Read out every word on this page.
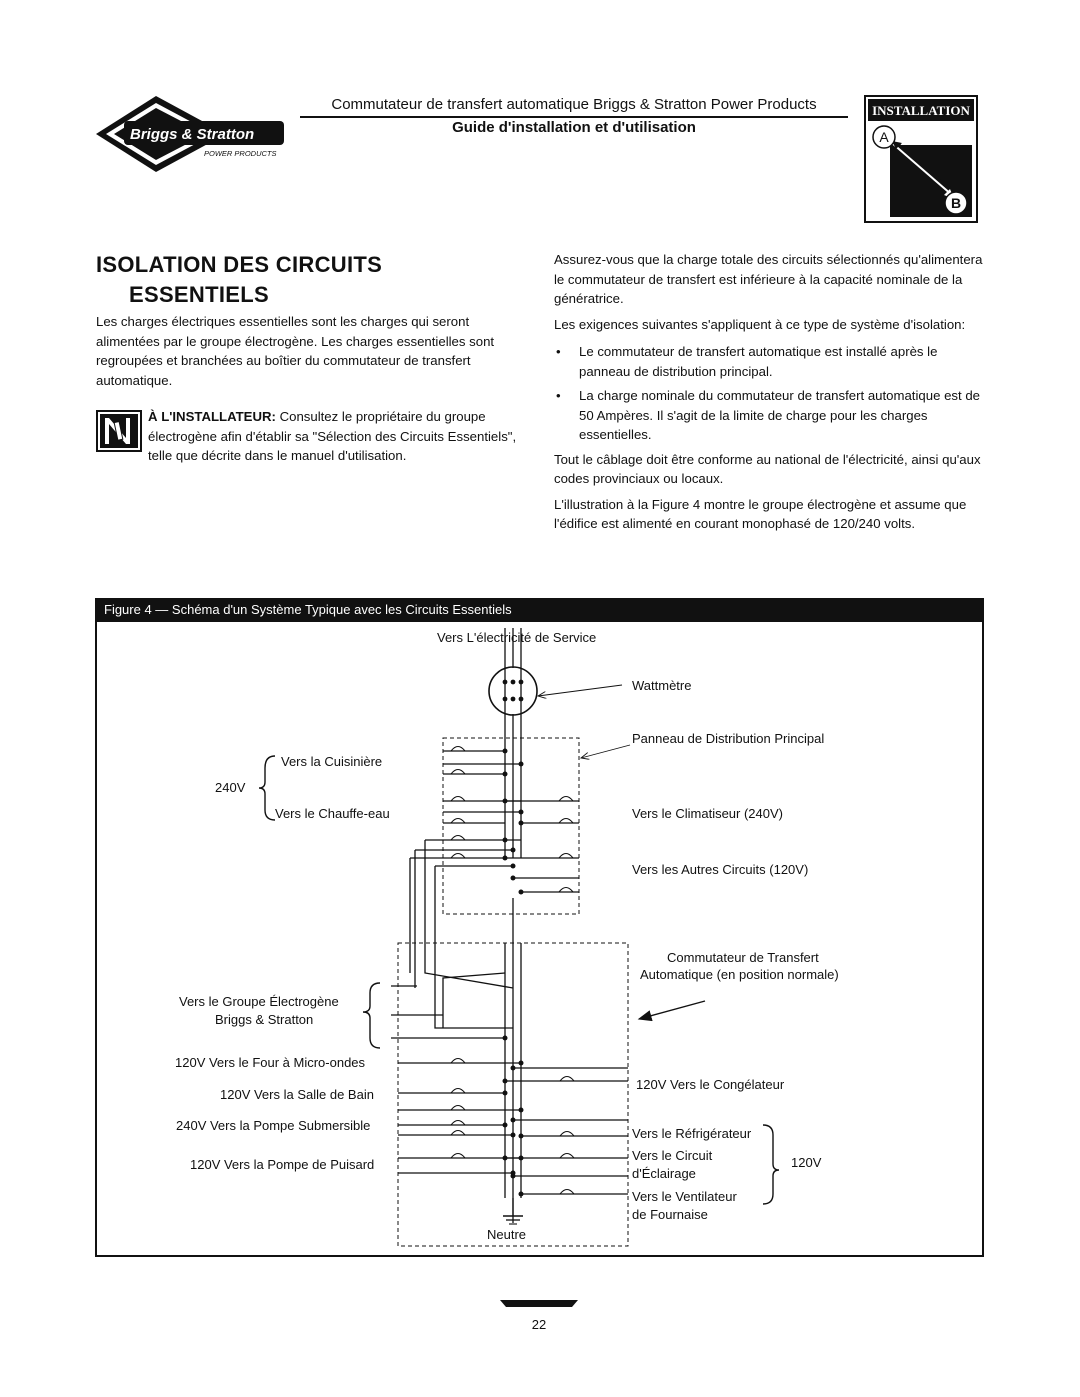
Briggs & Stratton
POWER PRODUCTS
Commutateur de transfert automatique Briggs & Stratton Power Products
Guide d'installation et d'utilisation
INSTALLATION
A
B
ISOLATION DES CIRCUITS
ESSENTIELS
Les charges électriques essentielles sont les charges qui seront alimentées par le groupe électrogène. Les charges essentielles sont regroupées et branchées au boîtier du commutateur de transfert automatique.
À L'INSTALLATEUR: Consultez le propriétaire du groupe électrogène afin d'établir sa "Sélection des Circuits Essentiels", telle que décrite dans le manuel d'utilisation.

Assurez-vous que la charge totale des circuits sélectionnés qu'alimentera le commutateur de transfert est inférieure à la capacité nominale de la génératrice.

Les exigences suivantes s'appliquent à ce type de système d'isolation:

• Le commutateur de transfert automatique est installé après le panneau de distribution principal.
• La charge nominale du commutateur de transfert automatique est de 50 Ampères. Il s'agit de la limite de charge pour les charges essentielles.

Tout le câblage doit être conforme au national de l'électricité, ainsi qu'aux codes provinciaux ou locaux.

L'illustration à la Figure 4 montre le groupe électrogène et assume que l'édifice est alimenté en courant monophasé de 120/240 volts.

Figure 4 — Schéma d'un Système Typique avec les Circuits Essentiels
Vers L'électricité de Service
Wattmètre
Panneau de Distribution Principal
Vers la Cuisinière
240V
Vers le Chauffe-eau	Vers le Climatiseur (240V)
Vers les Autres Circuits (120V)
Commutateur de Transfert
Automatique (en position normale)
Vers le Groupe Électrogène
Briggs & Stratton
120V Vers le Four à Micro-ondes
120V Vers la Salle de Bain
240V Vers la Pompe Submersible
120V Vers la Pompe de Puisard
120V Vers le Congélateur
Vers le Réfrigérateur
Vers le Circuit
d'Éclairage
120V
Vers le Ventilateur
de Fournaise
Neutre
22
